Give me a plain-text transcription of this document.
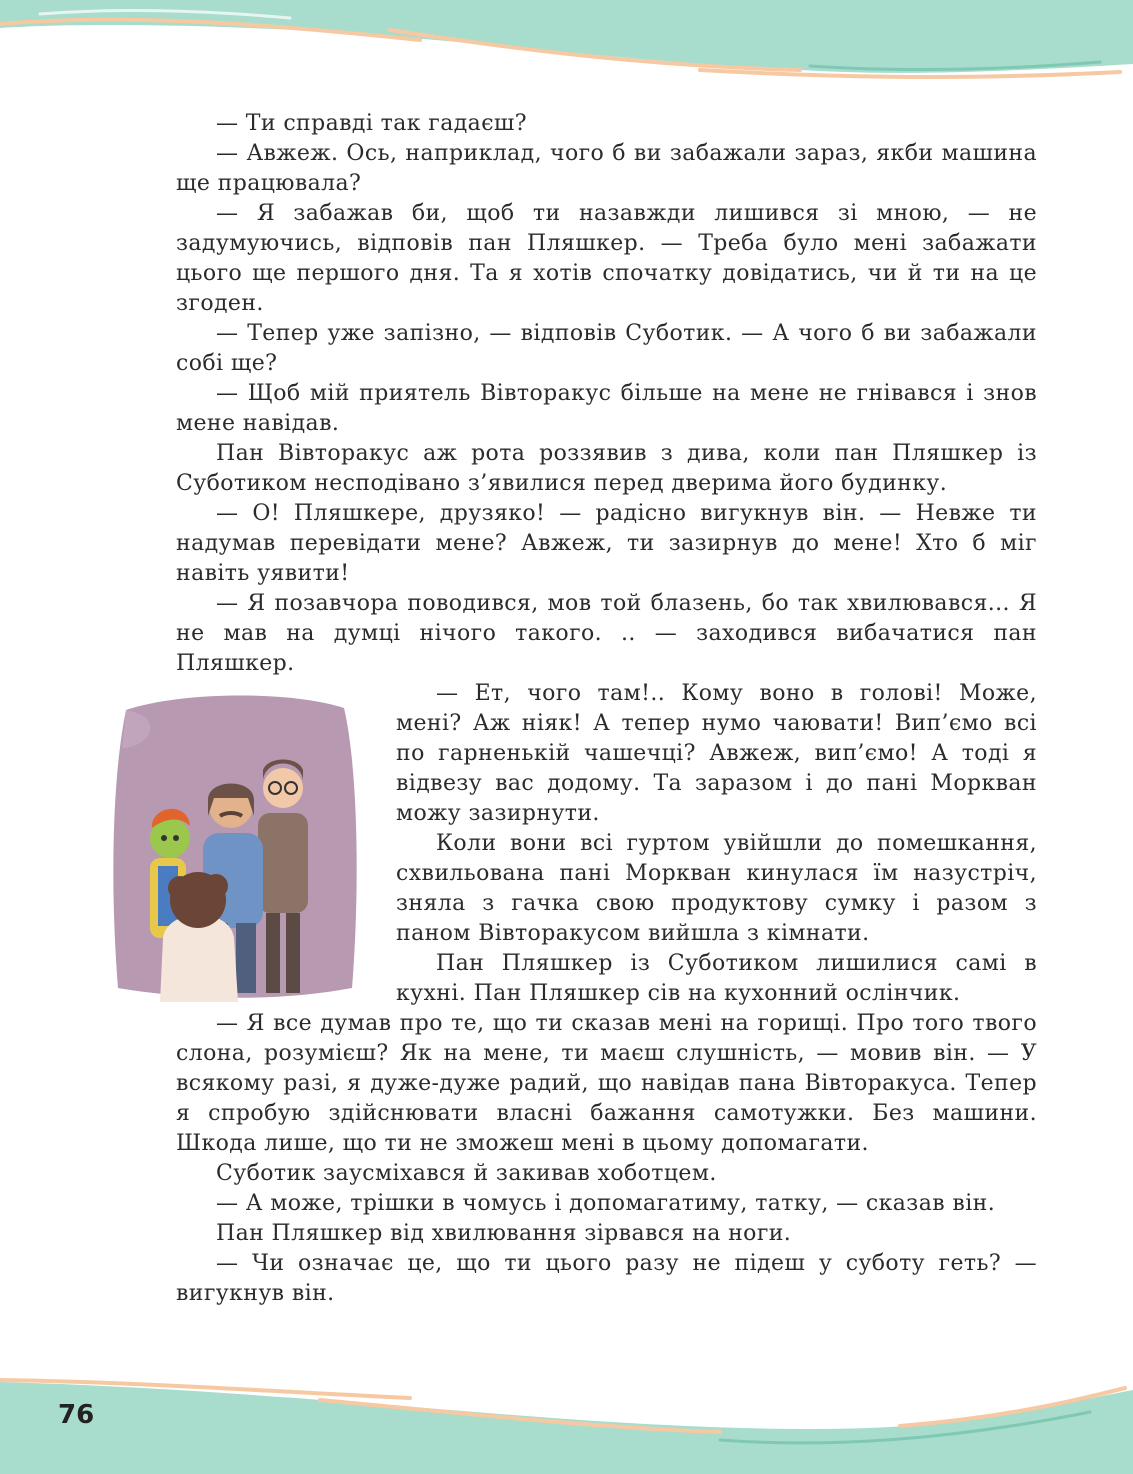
— Ти справді так гадаєш?

— Авжеж. Ось, наприклад, чого б ви забажали зараз, якби машина ще працювала?

— Я забажав би, щоб ти назавжди лишився зі мною, — не задумуючись, відповів пан Пляшкер. — Треба було мені забажати цього ще першого дня. Та я хотів спочатку довідатись, чи й ти на це згоден.

— Тепер уже запізно, — відповів Суботик. — А чого б ви забажали собі ще?

— Щоб мій приятель Вівторакус більше на мене не гнівався і знов мене навідав.

Пан Вівторакус аж рота роззявив з дива, коли пан Пляшкер із Суботиком несподівано з’явилися перед дверима його будинку.

— О! Пляшкере, друзяко! — радісно вигукнув він. — Невже ти надумав перевідати мене? Авжеж, ти зазирнув до мене! Хто б міг навіть уявити!

— Я позавчора поводився, мов той блазень, бо так хвилювався... Я не мав на думці нічого такого. .. — заходився вибачатися пан Пляшкер.

— Ет, чого там!.. Кому воно в голові! Може, мені? Аж ніяк! А тепер нумо чаювати! Вип’ємо всі по гарненькій чашечці? Авжеж, вип’ємо! А тоді я відвезу вас додому. Та заразом і до пані Моркван можу зазирнути.

Коли вони всі гуртом увійшли до помешкання, схвильована пані Моркван кинулася їм назустріч, зняла з гачка свою продуктову сумку і разом з паном Вівторакусом вийшла з кімнати.

Пан Пляшкер із Суботиком лишилися самі в кухні. Пан Пляшкер сів на кухонний ослінчик.

— Я все думав про те, що ти сказав мені на горищі. Про того твого слона, розумієш? Як на мене, ти маєш слушність, — мовив він. — У всякому разі, я дуже-дуже радий, що навідав пана Вівторакуса. Тепер я спробую здійснювати власні бажання самотужки. Без машини. Шкода лише, що ти не зможеш мені в цьому допомагати.

Суботик заусміхався й закивав хоботцем.

— А може, трішки в чомусь і допомагатиму, татку, — сказав він.

Пан Пляшкер від хвилювання зірвався на ноги.

— Чи означає це, що ти цього разу не підеш у суботу геть? — вигукнув він.

76
